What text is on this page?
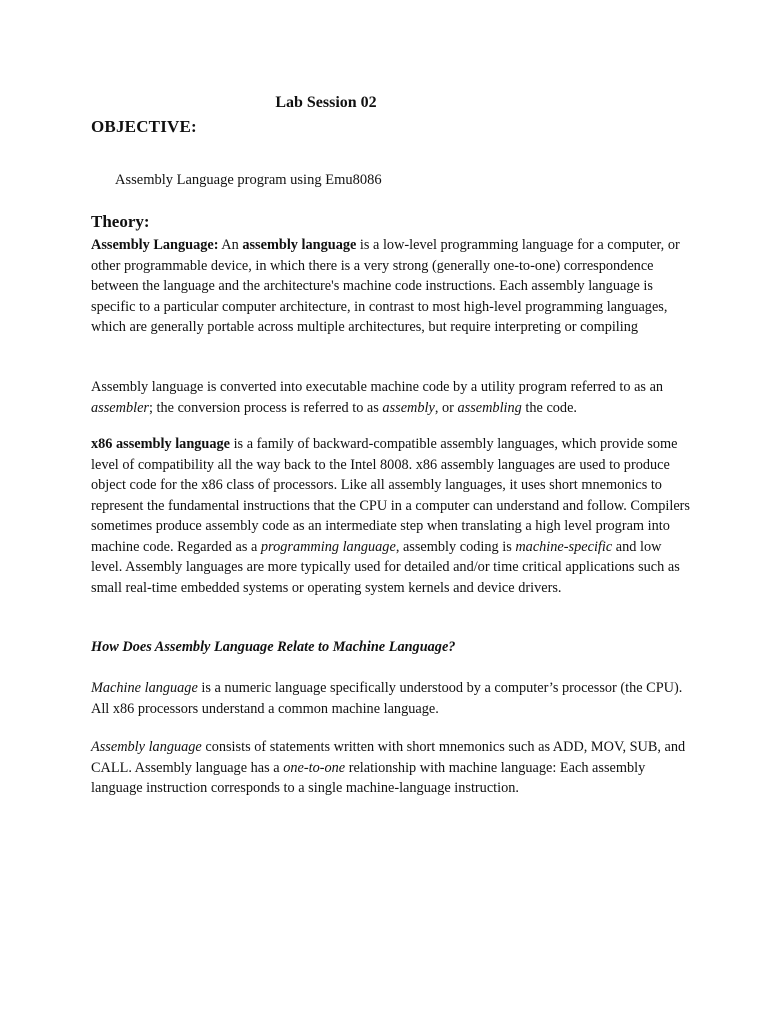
Lab Session 02
OBJECTIVE:
Assembly Language program using Emu8086
Theory:

Assembly Language: An assembly language is a low-level programming language for a computer, or other programmable device, in which there is a very strong (generally one-to-one) correspondence between the language and the architecture's machine code instructions. Each assembly language is specific to a particular computer architecture, in contrast to most high-level programming languages, which are generally portable across multiple architectures, but require interpreting or compiling

Assembly language is converted into executable machine code by a utility program referred to as an assembler; the conversion process is referred to as assembly, or assembling the code.

x86 assembly language is a family of backward-compatible assembly languages, which provide some level of compatibility all the way back to the Intel 8008. x86 assembly languages are used to produce object code for the x86 class of processors. Like all assembly languages, it uses short mnemonics to represent the fundamental instructions that the CPU in a computer can understand and follow. Compilers sometimes produce assembly code as an intermediate step when translating a high level program into machine code. Regarded as a programming language, assembly coding is machine-specific and low level. Assembly languages are more typically used for detailed and/or time critical applications such as small real-time embedded systems or operating system kernels and device drivers.

How Does Assembly Language Relate to Machine Language?

Machine language is a numeric language specifically understood by a computer’s processor (the CPU). All x86 processors understand a common machine language.

Assembly language consists of statements written with short mnemonics such as ADD, MOV, SUB, and CALL. Assembly language has a one-to-one relationship with machine language: Each assembly language instruction corresponds to a single machine-language instruction.
